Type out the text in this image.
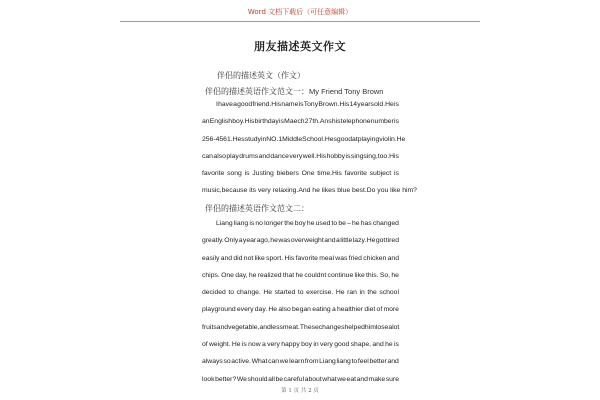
Word 文档下载后（可任意编辑）
朋友描述英文作文
伴侣的描述英文（作文）
伴侣的描述英语作文范文一：My Friend Tony Brown
I have a good friend.His name is Tony Brown.His 14 years old.He is
an English boy.His birthday is Maech 27th.Ans his telephone number is
256-4561.Hes study in NO.1 Middle School.Hes good at playing violin.He
can also play drums and dance very well.His hobby is singsing,too.His
favorite song is Justing biebers One time.His favorite subject is
music,because its very relaxing.And he likes blue best.Do you like him?
伴侣的描述英语作文范文二：
Liang liang is no longer the boy he used to be – he has changed
greatly. Only a year ago, he was overweight and a little lazy. He got tired
easily and did not like sport. His favorite meal was fried chicken and
chips. One day, he realized that he couldnt continue like this. So, he
decided to change. He started to exercise. He ran in the school
playground every day. He also began eating a healthier diet of more
fruits and vegetable, and less meat. These changes helped him lose a lot
of weight. He is now a very happy boy in very good shape, and he is
always so active. What can we learn from Liang liang to feel better and
look better? We should all be careful about what we eat and make sure
第 1 页 共 2 页
